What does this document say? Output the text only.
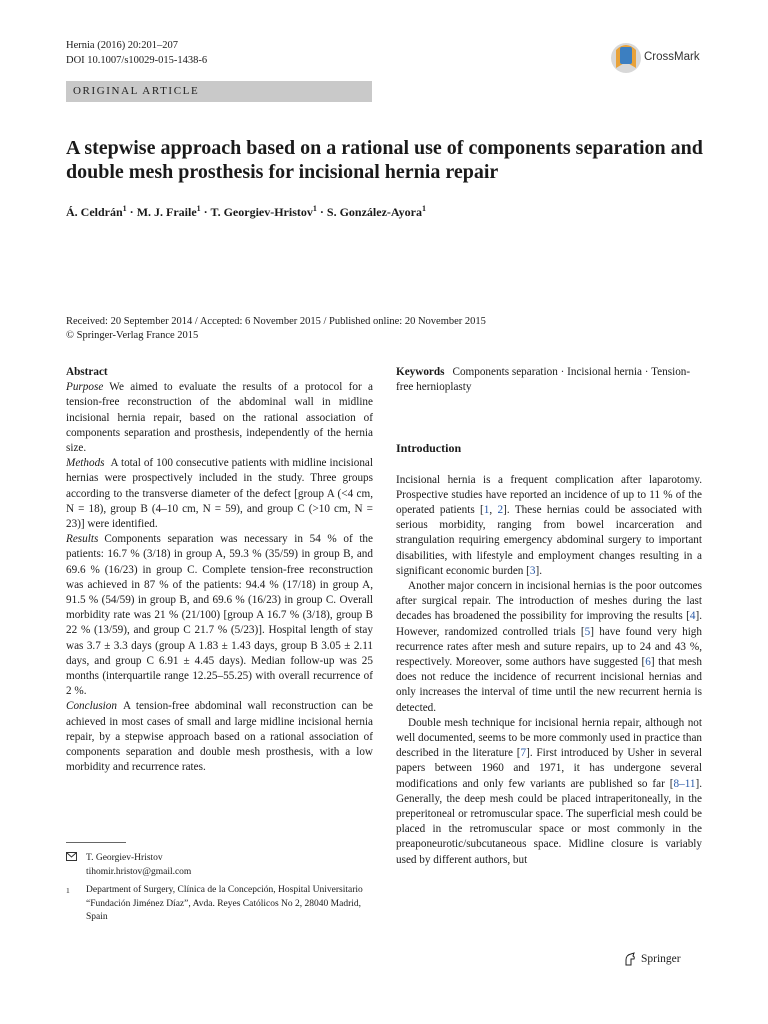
Hernia (2016) 20:201–207
DOI 10.1007/s10029-015-1438-6	CrossMark
ORIGINAL ARTICLE
A stepwise approach based on a rational use of components separation and double mesh prosthesis for incisional hernia repair
Á. Celdrán$^1$ · M. J. Fraile$^1$ · T. Georgiev-Hristov$^1$ · S. González-Ayora$^1$
Received: 20 September 2014 / Accepted: 6 November 2015 / Published online: 20 November 2015
© Springer-Verlag France 2015

Abstract

Purpose We aimed to evaluate the results of a protocol for a tension-free reconstruction of the abdominal wall in midline incisional hernia repair, based on the rational association of components separation and prosthesis, independently of the hernia size.

Methods A total of 100 consecutive patients with midline incisional hernias were prospectively included in the study. Three groups according to the transverse diameter of the defect [group A (<4 cm, N = 18), group B (4–10 cm, N = 59), and group C (>10 cm, N = 23)] were identified.

Results Components separation was necessary in 54 % of the patients: 16.7 % (3/18) in group A, 59.3 % (35/59) in group B, and 69.6 % (16/23) in group C. Complete tension-free reconstruction was achieved in 87 % of the patients: 94.4 % (17/18) in group A, 91.5 % (54/59) in group B, and 69.6 % (16/23) in group C. Overall morbidity rate was 21 % (21/100) [group A 16.7 % (3/18), group B 22 % (13/59), and group C 21.7 % (5/23)]. Hospital length of stay was 3.7 ± 3.3 days (group A 1.83 ± 1.43 days, group B 3.05 ± 2.11 days, and group C 6.91 ± 4.45 days). Median follow-up was 25 months (interquartile range 12.25–55.25) with overall recurrence of 2 %.

Conclusion A tension-free abdominal wall reconstruction can be achieved in most cases of small and large midline incisional hernia repair, by a stepwise approach based on a rational association of components separation and double mesh prosthesis, with a low morbidity and recurrence rates.

T. Georgiev-Hristov
tihomir.hristov@gmail.com
1	Department of Surgery, Clínica de la Concepción, Hospital Universitario “Fundación Jiménez Díaz”, Avda. Reyes Católicos No 2, 28040 Madrid, Spain

Keywords Components separation · Incisional hernia · Tension-free hernioplasty

Introduction

Incisional hernia is a frequent complication after laparotomy. Prospective studies have reported an incidence of up to 11 % of the operated patients [1, 2]. These hernias could be associated with serious morbidity, ranging from bowel incarceration and strangulation requiring emergency abdominal surgery to important disabilities, with lifestyle and employment changes resulting in a significant economic burden [3].

Another major concern in incisional hernias is the poor outcomes after surgical repair. The introduction of meshes during the last decades has broadened the possibility for improving the results [4]. However, randomized controlled trials [5] have found very high recurrence rates after mesh and suture repairs, up to 24 and 43 %, respectively. Moreover, some authors have suggested [6] that mesh does not reduce the incidence of recurrent incisional hernias and only increases the interval of time until the new recurrent hernia is detected.

Double mesh technique for incisional hernia repair, although not well documented, seems to be more commonly used in practice than described in the literature [7]. First introduced by Usher in several papers between 1960 and 1971, it has undergone several modifications and only few variants are published so far [8–11]. Generally, the deep mesh could be placed intraperitoneally, in the preperitoneal or retromuscular space. The superficial mesh could be placed in the retromuscular space or most commonly in the preaponeurotic/subcutaneous space. Midline closure is variably used by different authors, but

Springer
